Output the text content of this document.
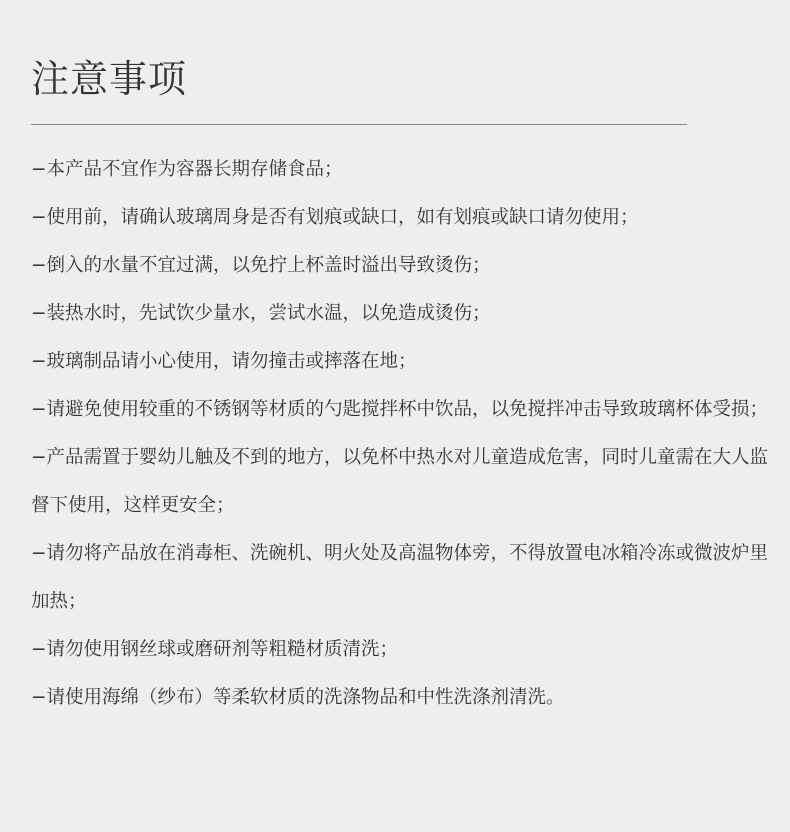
注意事项
−本产品不宜作为容器长期存储食品；
−使用前，请确认玻璃周身是否有划痕或缺口，如有划痕或缺口请勿使用；
−倒入的水量不宜过满，以免拧上杯盖时溢出导致烫伤；
−装热水时，先试饮少量水，尝试水温，以免造成烫伤；
−玻璃制品请小心使用，请勿撞击或摔落在地；
−请避免使用较重的不锈钢等材质的勺匙搅拌杯中饮品，以免搅拌冲击导致玻璃杯体受损；
−产品需置于婴幼儿触及不到的地方，以免杯中热水对儿童造成危害，同时儿童需在大人监督下使用，这样更安全；
−请勿将产品放在消毒柜、洗碗机、明火处及高温物体旁，不得放置电冰箱冷冻或微波炉里加热；
−请勿使用钢丝球或磨研剂等粗糙材质清洗；
−请使用海绵（纱布）等柔软材质的洗涤物品和中性洗涤剂清洗。
